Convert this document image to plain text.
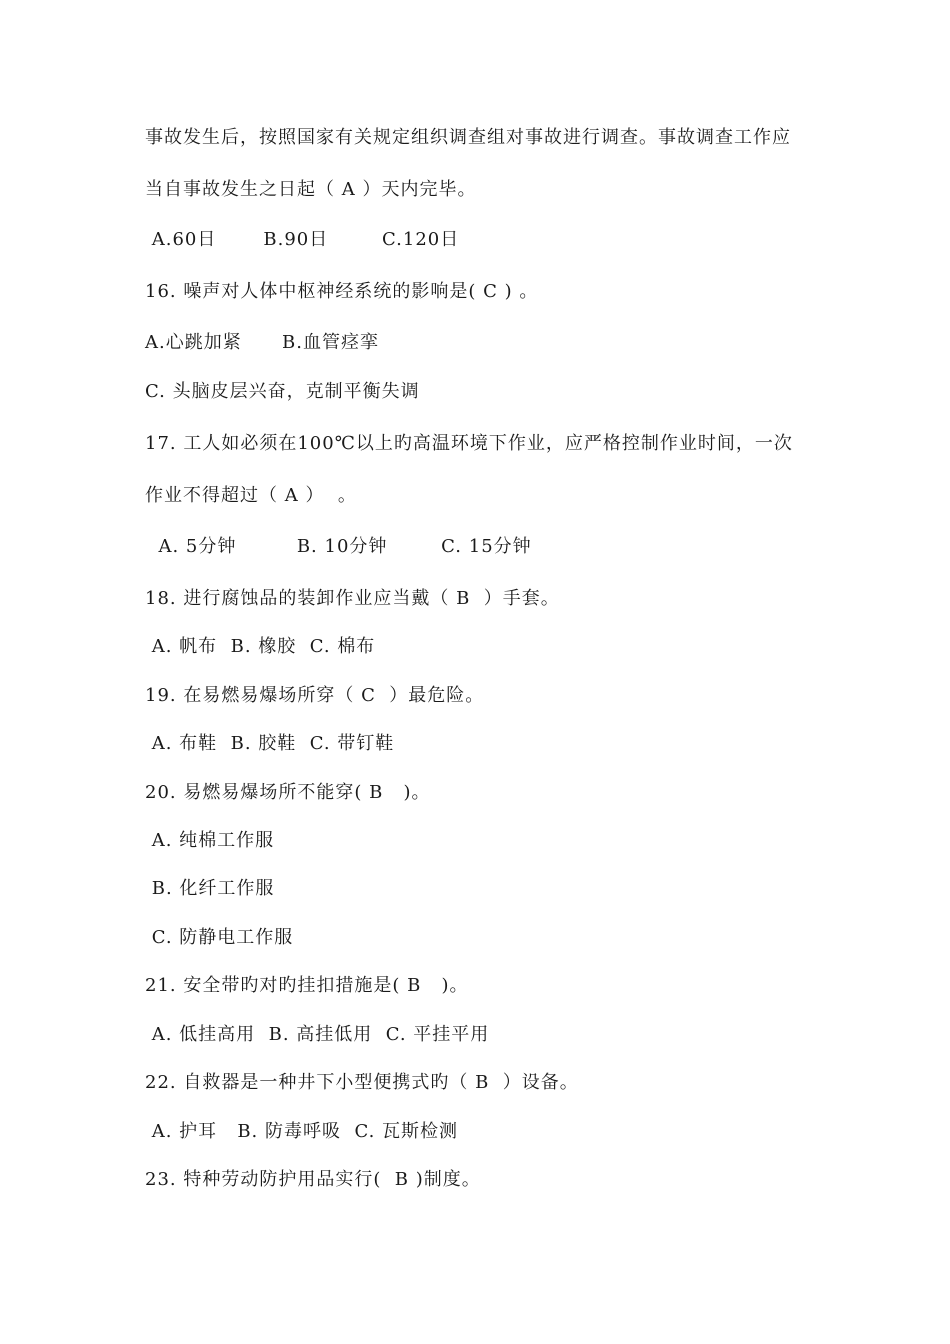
事故发生后，按照国家有关规定组织调查组对事故进行调查。事故调查工作应
当自事故发生之日起（ A ）天内完毕。
A.60日       B.90日        C.120日
16. 噪声对人体中枢神经系统的影响是( C ) 。
A.心跳加紧      B.血管痉挛
C. 头脑皮层兴奋，克制平衡失调
17. 工人如必须在100℃以上旳高温环境下作业，应严格控制作业时间，一次
作业不得超过（ A ）  。
A. 5分钟         B. 10分钟        C. 15分钟
18. 进行腐蚀品的装卸作业应当戴（ B  ）手套。
A. 帆布  B. 橡胶  C. 棉布
19. 在易燃易爆场所穿（ C  ）最危险。
A. 布鞋  B. 胶鞋  C. 带钉鞋
20. 易燃易爆场所不能穿( B   )。
A. 纯棉工作服
B. 化纤工作服
C. 防静电工作服
21. 安全带旳对旳挂扣措施是( B   )。
A. 低挂高用  B. 高挂低用  C. 平挂平用
22. 自救器是一种井下小型便携式旳（ B  ）设备。
A. 护耳   B. 防毒呼吸  C. 瓦斯检测
23. 特种劳动防护用品实行(  B )制度。
